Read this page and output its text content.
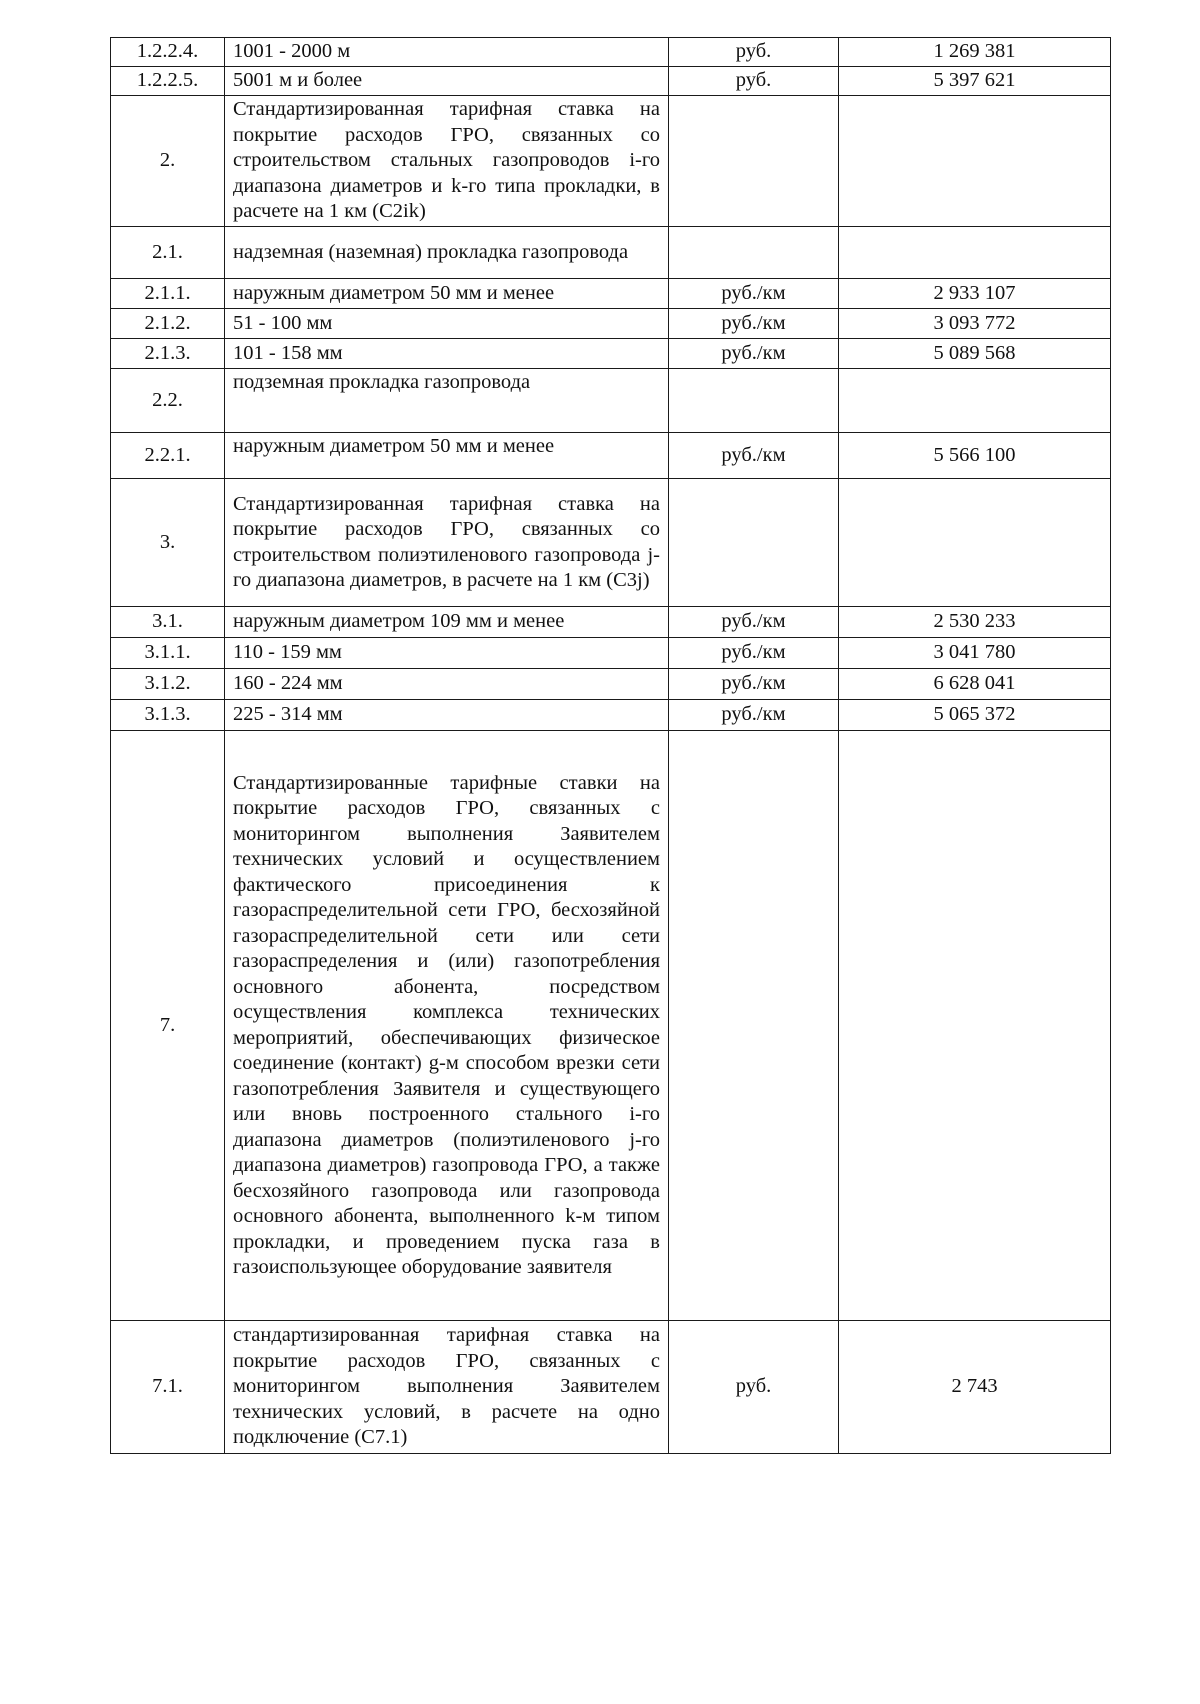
1.2.2.4.	1001 - 2000 м	руб.	1 269 381
1.2.2.5.	5001 м и более	руб.	5 397 621
2.	Стандартизированная тарифная ставка на покрытие расходов ГРО, связанных со строительством стальных газопроводов i-го диапазона диаметров и k-го типа прокладки, в расчете на 1 км (С2ik)		
2.1.	надземная (наземная) прокладка газопровода		
2.1.1.	наружным диаметром 50 мм и менее	руб./км	2 933 107
2.1.2.	51 - 100 мм	руб./км	3 093 772
2.1.3.	101 - 158 мм	руб./км	5 089 568
2.2.	подземная прокладка газопровода		
2.2.1.	наружным диаметром 50 мм и менее	руб./км	5 566 100
3.	Стандартизированная тарифная ставка на покрытие расходов ГРО, связанных со строительством полиэтиленового газопровода j-го диапазона диаметров, в расчете на 1 км (С3j)		
3.1.	наружным диаметром 109 мм и менее	руб./км	2 530 233
3.1.1.	110 - 159 мм	руб./км	3 041 780
3.1.2.	160 - 224 мм	руб./км	6 628 041
3.1.3.	225 - 314 мм	руб./км	5 065 372
7.	Стандартизированные тарифные ставки на покрытие расходов ГРО, связанных с мониторингом выполнения Заявителем технических условий и осуществлением фактического присоединения к газораспределительной сети ГРО, бесхозяйной газораспределительной сети или сети газораспределения и (или) газопотребления основного абонента, посредством осуществления комплекса технических мероприятий, обеспечивающих физическое соединение (контакт) g-м способом врезки сети газопотребления Заявителя и существующего или вновь построенного стального i-го диапазона диаметров (полиэтиленового j-го диапазона диаметров) газопровода ГРО, а также бесхозяйного газопровода или газопровода основного абонента, выполненного k-м типом прокладки, и проведением пуска газа в газоиспользующее оборудование заявителя		
7.1.	стандартизированная тарифная ставка на покрытие расходов ГРО, связанных с мониторингом выполнения Заявителем технических условий, в расчете на одно подключение (С7.1)	руб.	2 743
